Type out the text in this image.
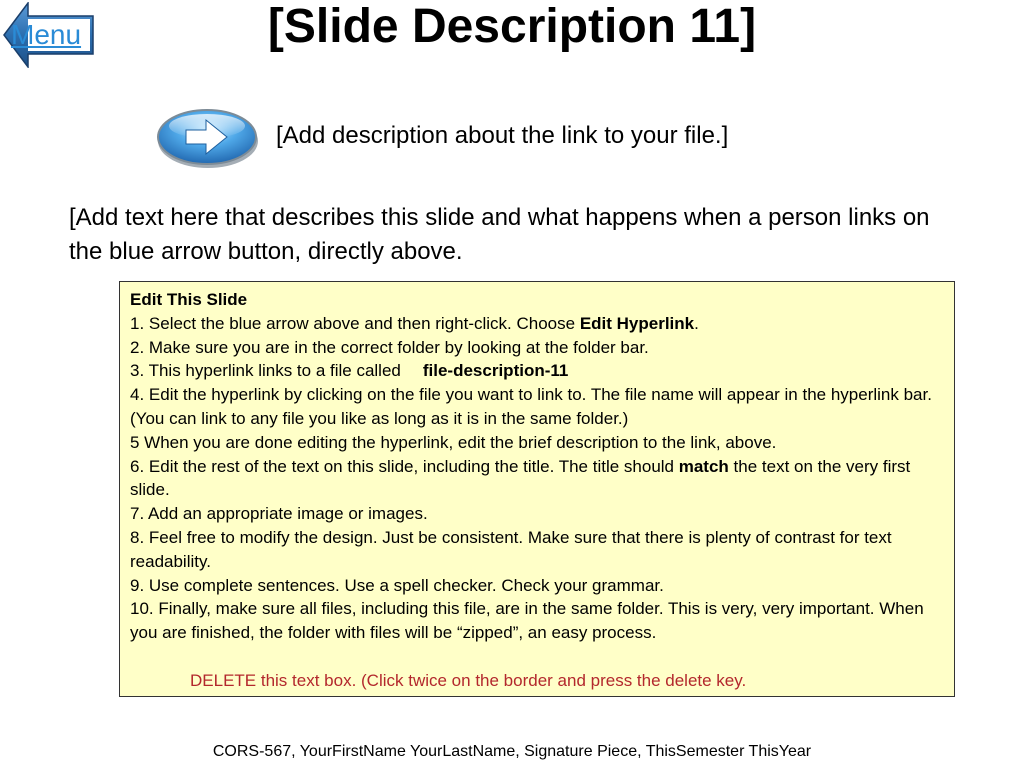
Menu	[Slide Description 11]
[Add description about the link to your file.]

[Add text here that describes this slide and what happens when a person links on the blue arrow button, directly above.

Edit This Slide

1. Select the blue arrow above and then right-click. Choose Edit Hyperlink.

2. Make sure you are in the correct folder by looking at the folder bar.

3. This hyperlink links to a file called file-description-11

4. Edit the hyperlink by clicking on the file you want to link to. The file name will appear in the hyperlink bar. (You can link to any file you like as long as it is in the same folder.)

5 When you are done editing the hyperlink, edit the brief description to the link, above.

6. Edit the rest of the text on this slide, including the title. The title should match the text on the very first slide.

7. Add an appropriate image or images.

8. Feel free to modify the design. Just be consistent. Make sure that there is plenty of contrast for text readability.

9. Use complete sentences. Use a spell checker. Check your grammar.

10. Finally, make sure all files, including this file, are in the same folder. This is very, very important. When you are finished, the folder with files will be “zipped”, an easy process.

DELETE this text box. (Click twice on the border and press the delete key.

CORS-567, YourFirstName YourLastName, Signature Piece, ThisSemester ThisYear
